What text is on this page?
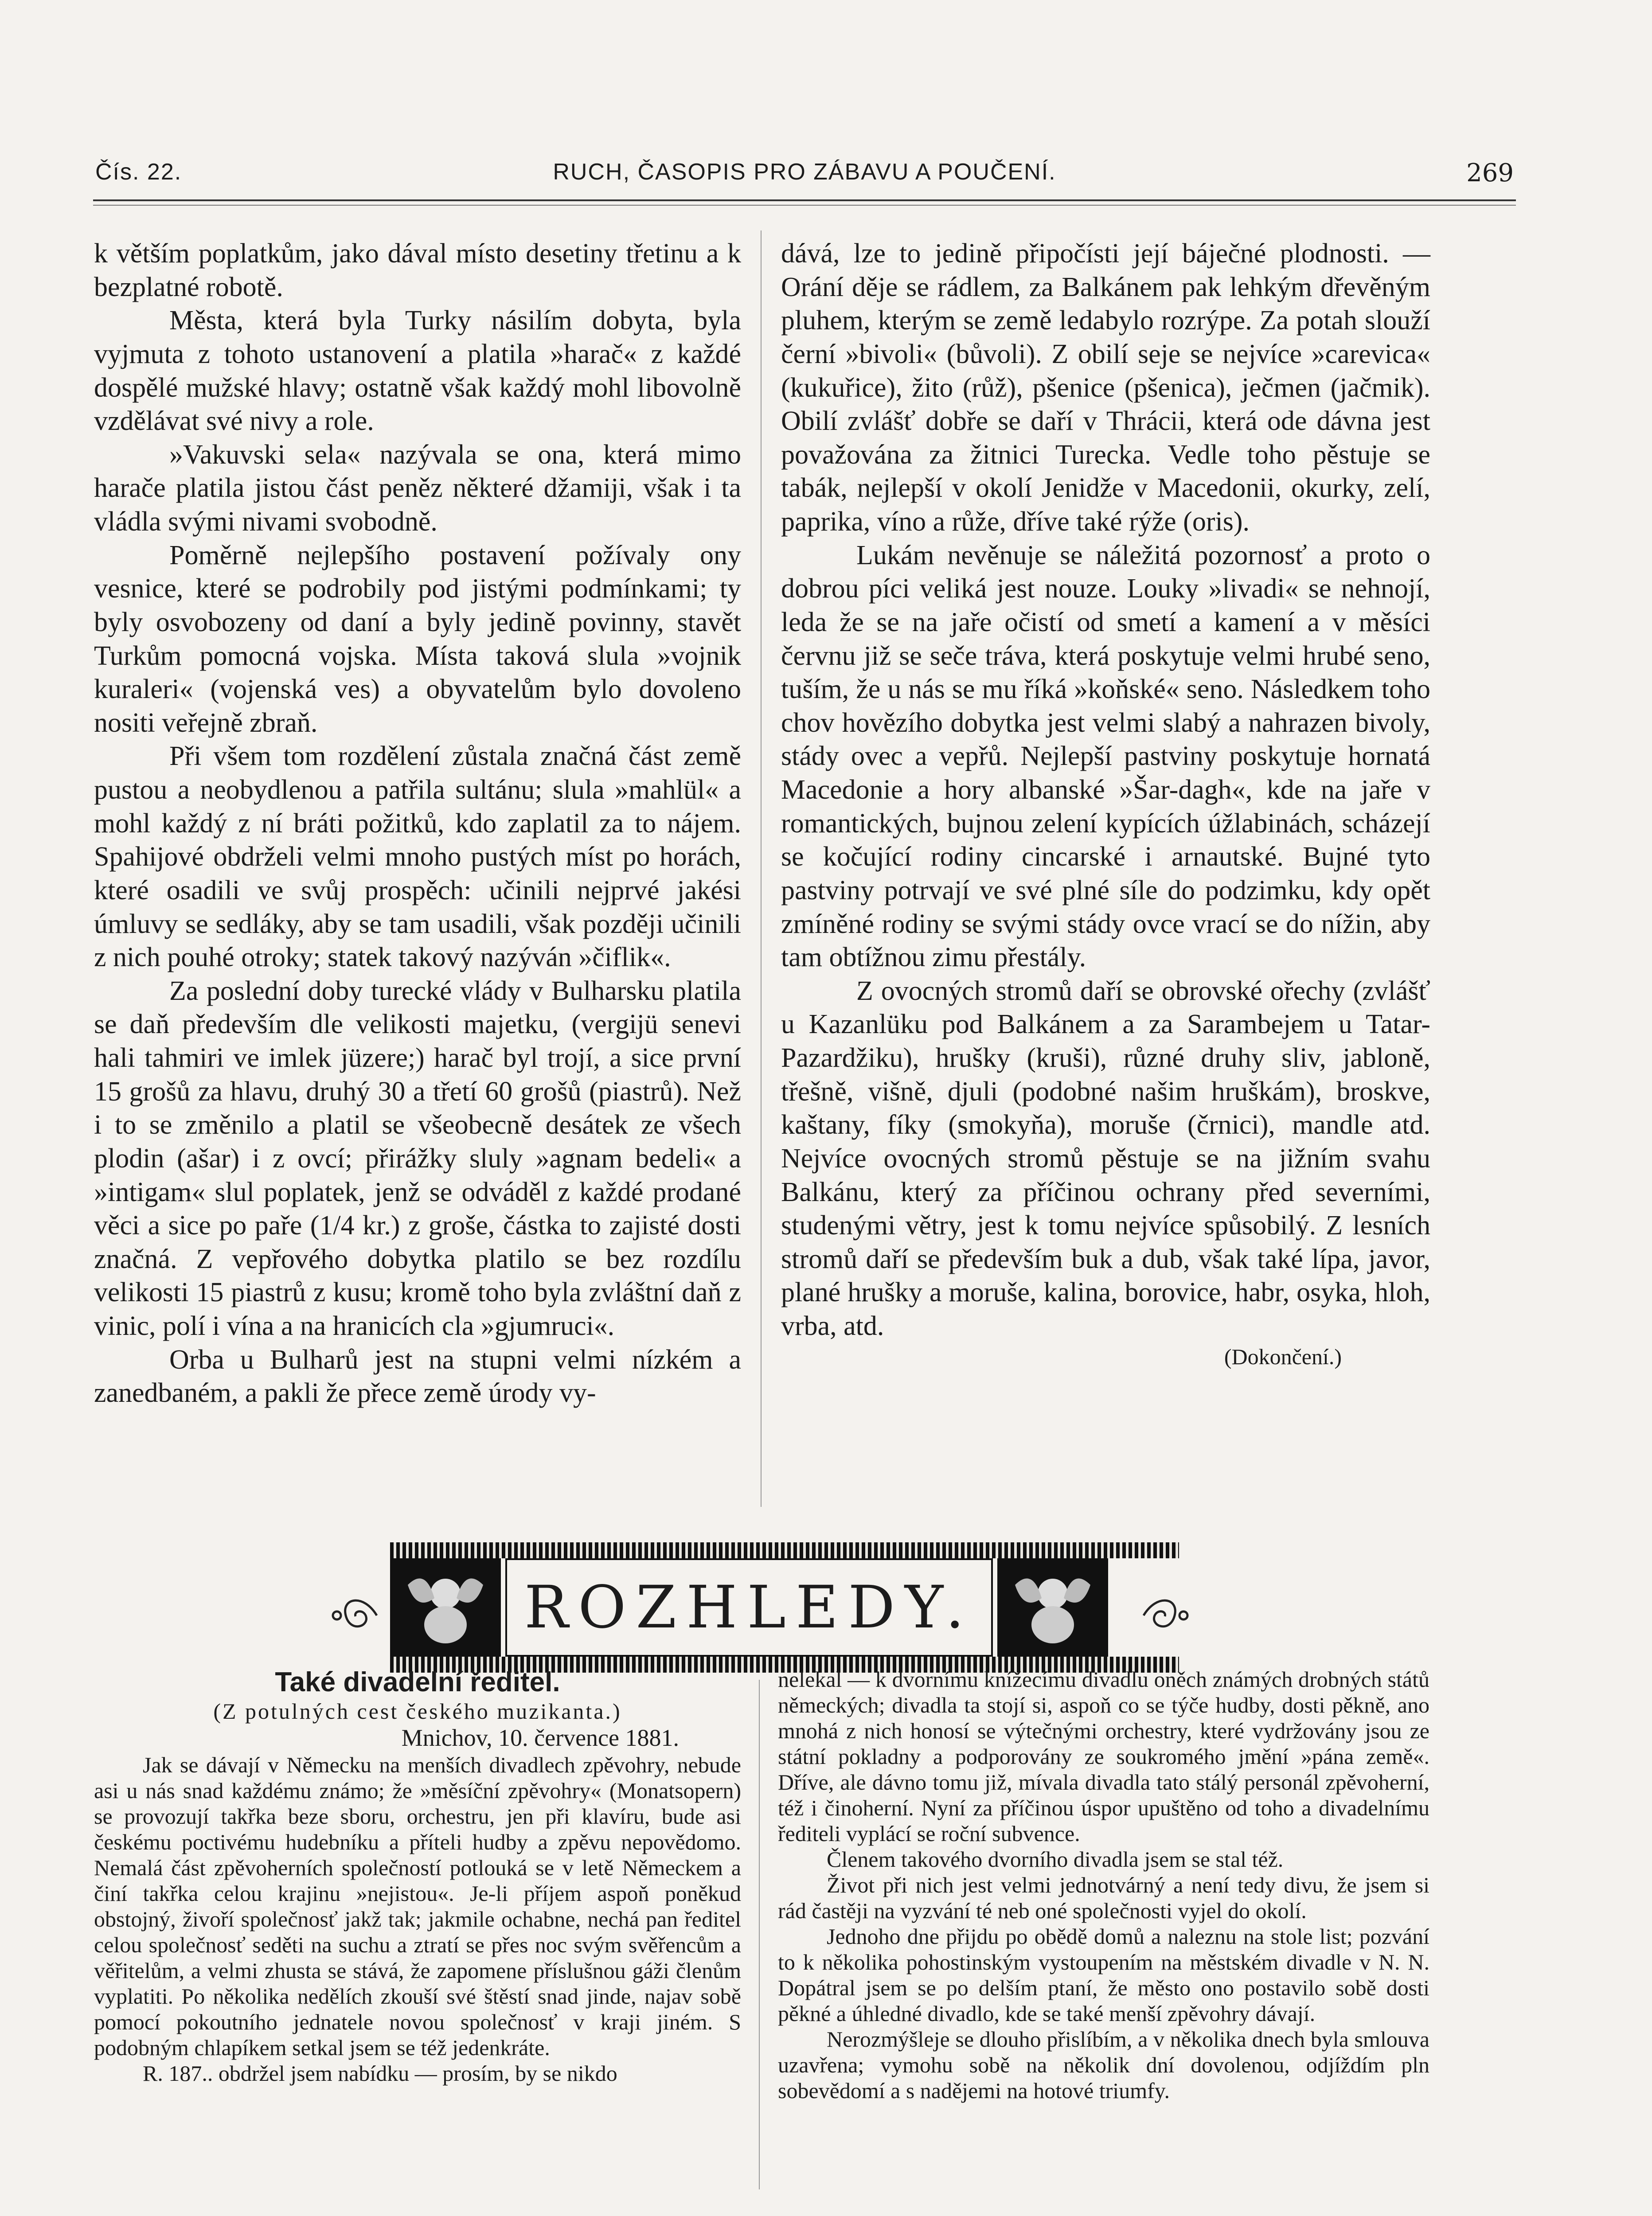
Čís. 22.	RUCH, ČASOPIS PRO ZÁBAVU A POUČENÍ.	269

k větším poplatkům, jako dával místo desetiny třetinu a k bezplatné robotě.

Města, která byla Turky násilím dobyta, byla vyjmuta z tohoto ustanovení a platila »harač« z každé dospělé mužské hlavy; ostatně však každý mohl libovolně vzdělávat své nivy a role.

»Vakuvski sela« nazývala se ona, která mimo harače platila jistou část peněz některé džamiji, však i ta vládla svými nivami svobodně.

Poměrně nejlepšího postavení požívaly ony vesnice, které se podrobily pod jistými podmínkami; ty byly osvobozeny od daní a byly jedině povinny, stavět Turkům pomocná vojska. Místa taková slula »vojnik kuraleri« (vojenská ves) a obyvatelům bylo dovoleno nositi veřejně zbraň.

Při všem tom rozdělení zůstala značná část země pustou a neobydlenou a patřila sultánu; slula »mahlül« a mohl každý z ní bráti požitků, kdo zaplatil za to nájem. Spahijové obdrželi velmi mnoho pustých míst po horách, které osadili ve svůj prospěch: učinili nejprvé jakési úmluvy se sedláky, aby se tam usadili, však později učinili z nich pouhé otroky; statek takový nazýván »čiflik«.

Za poslední doby turecké vlády v Bulharsku platila se daň především dle velikosti majetku, (vergijü senevi hali tahmiri ve imlek jüzere;) harač byl trojí, a sice první 15 grošů za hlavu, druhý 30 a třetí 60 grošů (piastrů). Než i to se změnilo a platil se všeobecně desátek ze všech plodin (ašar) i z ovcí; přirážky sluly »agnam bedeli« a »intigam« slul poplatek, jenž se odváděl z každé prodané věci a sice po paře (1/4 kr.) z groše, částka to zajisté dosti značná. Z vepřového dobytka platilo se bez rozdílu velikosti 15 piastrů z kusu; kromě toho byla zvláštní daň z vinic, polí i vína a na hranicích cla »gjumruci«.

Orba u Bulharů jest na stupni velmi nízkém a zanedbaném, a pakli že přece země úrody vy-

dává, lze to jedině připočísti její báječné plodnosti. — Orání děje se rádlem, za Balkánem pak lehkým dřevěným pluhem, kterým se země ledabylo rozrýpe. Za potah slouží černí »bivoli« (bůvoli). Z obilí seje se nejvíce »carevica« (kukuřice), žito (růž), pšenice (pšenica), ječmen (jačmik). Obilí zvlášť dobře se daří v Thrácii, která ode dávna jest považována za žitnici Turecka. Vedle toho pěstuje se tabák, nejlepší v okolí Jenidže v Macedonii, okurky, zelí, paprika, víno a růže, dříve také rýže (oris).

Lukám nevěnuje se náležitá pozornosť a proto o dobrou píci veliká jest nouze. Louky »livadi« se nehnojí, leda že se na jaře očistí od smetí a kamení a v měsíci červnu již se seče tráva, která poskytuje velmi hrubé seno, tuším, že u nás se mu říká »koňské« seno. Následkem toho chov hovězího dobytka jest velmi slabý a nahrazen bivoly, stády ovec a vepřů. Nejlepší pastviny poskytuje hornatá Macedonie a hory albanské »Šar-dagh«, kde na jaře v romantických, bujnou zelení kypících úžlabinách, scházejí se kočující rodiny cincarské i arnautské. Bujné tyto pastviny potrvají ve své plné síle do podzimku, kdy opět zmíněné rodiny se svými stády ovce vrací se do nížin, aby tam obtížnou zimu přestály.

Z ovocných stromů daří se obrovské ořechy (zvlášť u Kazanlüku pod Balkánem a za Sarambejem u Tatar-Pazardžiku), hrušky (kruši), různé druhy sliv, jabloně, třešně, višně, djuli (podobné našim hruškám), broskve, kaštany, fíky (smokyňa), moruše (črnici), mandle atd. Nejvíce ovocných stromů pěstuje se na jižním svahu Balkánu, který za příčinou ochrany před severními, studenými větry, jest k tomu nejvíce spůsobilý. Z lesních stromů daří se především buk a dub, však také lípa, javor, plané hrušky a moruše, kalina, borovice, habr, osyka, hloh, vrba, atd.

(Dokončení.)

ROZHLEDY.

Také divadelní ředitel.

(Z potulných cest českého muzikanta.)

Mnichov, 10. července 1881.

Jak se dávají v Německu na menších divadlech zpěvohry, nebude asi u nás snad každému známo; že »měsíční zpěvohry« (Monatsopern) se provozují takřka beze sboru, orchestru, jen při klavíru, bude asi českému poctivému hudebníku a příteli hudby a zpěvu nepovědomo. Nemalá část zpěvoherních společností potlouká se v letě Německem a činí takřka celou krajinu »nejistou«. Je-li příjem aspoň poněkud obstojný, živoří společnosť jakž tak; jakmile ochabne, nechá pan ředitel celou společnosť seděti na suchu a ztratí se přes noc svým svěřencům a věřitelům, a velmi zhusta se stává, že zapomene příslušnou gáži členům vyplatiti. Po několika nedělích zkouší své štěstí snad jinde, najav sobě pomocí pokoutního jednatele novou společnosť v kraji jiném. S podobným chlapíkem setkal jsem se též jedenkráte.

R. 187.. obdržel jsem nabídku — prosím, by se nikdo

nelekal — k dvornímu knížecímu divadlu oněch známých drobných států německých; divadla ta stojí si, aspoň co se týče hudby, dosti pěkně, ano mnohá z nich honosí se výtečnými orchestry, které vydržovány jsou ze státní pokladny a podporovány ze soukromého jmění »pána země«. Dříve, ale dávno tomu již, mívala divadla tato stálý personál zpěvoherní, též i činoherní. Nyní za příčinou úspor upuštěno od toho a divadelnímu řediteli vyplácí se roční subvence.

Členem takového dvorního divadla jsem se stal též.

Život při nich jest velmi jednotvárný a není tedy divu, že jsem si rád častěji na vyzvání té neb oné společnosti vyjel do okolí.

Jednoho dne přijdu po obědě domů a naleznu na stole list; pozvání to k několika pohostinským vystoupením na městském divadle v N. N. Dopátral jsem se po delším ptaní, že město ono postavilo sobě dosti pěkné a úhledné divadlo, kde se také menší zpěvohry dávají.

Nerozmýšleje se dlouho přislíbím, a v několika dnech byla smlouva uzavřena; vymohu sobě na několik dní dovolenou, odjíždím pln sobevědomí a s nadějemi na hotové triumfy.
